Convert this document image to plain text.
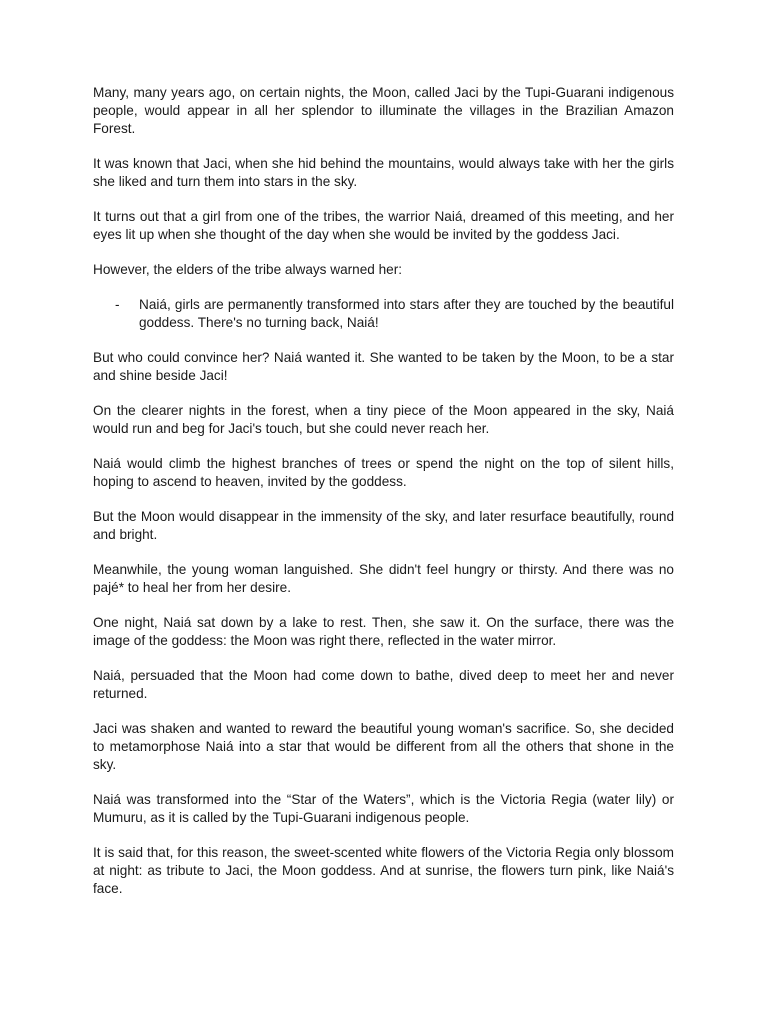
Many, many years ago, on certain nights, the Moon, called Jaci by the Tupi-Guarani indigenous people, would appear in all her splendor to illuminate the villages in the Brazilian Amazon Forest.

It was known that Jaci, when she hid behind the mountains, would always take with her the girls she liked and turn them into stars in the sky.

It turns out that a girl from one of the tribes, the warrior Naiá, dreamed of this meeting, and her eyes lit up when she thought of the day when she would be invited by the goddess Jaci.

However, the elders of the tribe always warned her:

- Naiá, girls are permanently transformed into stars after they are touched by the beautiful goddess. There's no turning back, Naiá!

But who could convince her? Naiá wanted it. She wanted to be taken by the Moon, to be a star and shine beside Jaci!

On the clearer nights in the forest, when a tiny piece of the Moon appeared in the sky, Naiá would run and beg for Jaci's touch, but she could never reach her.

Naiá would climb the highest branches of trees or spend the night on the top of silent hills, hoping to ascend to heaven, invited by the goddess.

But the Moon would disappear in the immensity of the sky, and later resurface beautifully, round and bright.

Meanwhile, the young woman languished. She didn't feel hungry or thirsty. And there was no pajé* to heal her from her desire.

One night, Naiá sat down by a lake to rest. Then, she saw it. On the surface, there was the image of the goddess: the Moon was right there, reflected in the water mirror.

Naiá, persuaded that the Moon had come down to bathe, dived deep to meet her and never returned.

Jaci was shaken and wanted to reward the beautiful young woman's sacrifice. So, she decided to metamorphose Naiá into a star that would be different from all the others that shone in the sky.

Naiá was transformed into the “Star of the Waters”, which is the Victoria Regia (water lily) or Mumuru, as it is called by the Tupi-Guarani indigenous people.

It is said that, for this reason, the sweet-scented white flowers of the Victoria Regia only blossom at night: as tribute to Jaci, the Moon goddess. And at sunrise, the flowers turn pink, like Naiá's face.
